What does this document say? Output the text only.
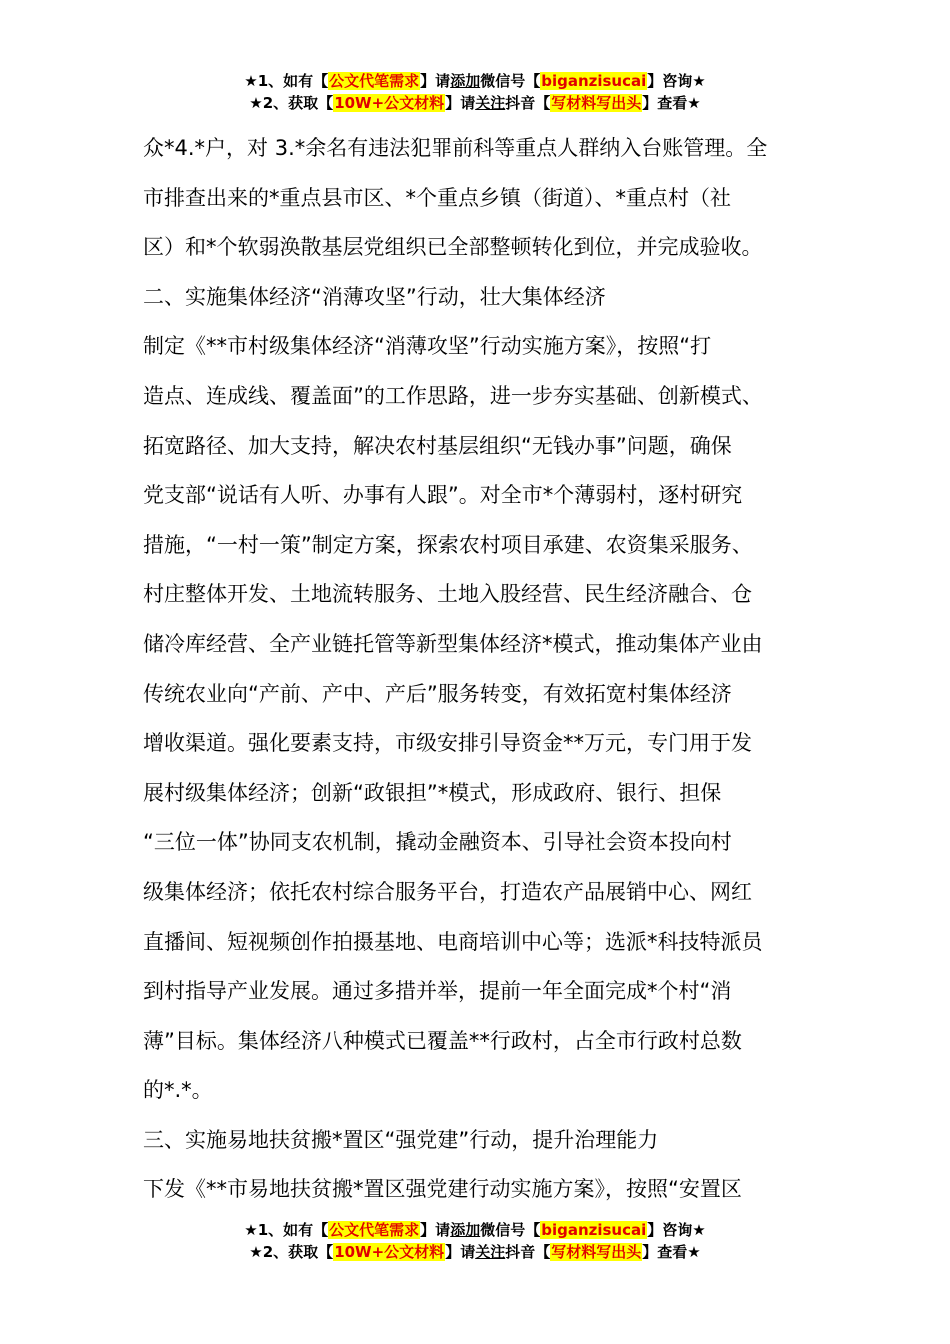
★1、如有【公文代笔需求】请添加微信号【biganzisucai】咨询★
★2、获取【10W+公文材料】请关注抖音【写材料写出头】查看★
众*4.*户，对 3.*余名有违法犯罪前科等重点人群纳入台账管理。全
市排查出来的*重点县市区、*个重点乡镇（街道）、*重点村（社
区）和*个软弱涣散基层党组织已全部整顿转化到位，并完成验收。
二、实施集体经济“消薄攻坚”行动，壮大集体经济
制定《**市村级集体经济“消薄攻坚”行动实施方案》，按照“打
造点、连成线、覆盖面”的工作思路，进一步夯实基础、创新模式、
拓宽路径、加大支持，解决农村基层组织“无钱办事”问题，确保
党支部“说话有人听、办事有人跟”。对全市*个薄弱村，逐村研究
措施，“一村一策”制定方案，探索农村项目承建、农资集采服务、
村庄整体开发、土地流转服务、土地入股经营、民生经济融合、仓
储冷库经营、全产业链托管等新型集体经济*模式，推动集体产业由
传统农业向“产前、产中、产后”服务转变，有效拓宽村集体经济
增收渠道。强化要素支持，市级安排引导资金**万元，专门用于发
展村级集体经济；创新“政银担”*模式，形成政府、银行、担保
“三位一体”协同支农机制，撬动金融资本、引导社会资本投向村
级集体经济；依托农村综合服务平台，打造农产品展销中心、网红
直播间、短视频创作拍摄基地、电商培训中心等；选派*科技特派员
到村指导产业发展。通过多措并举，提前一年全面完成*个村“消
薄”目标。集体经济八种模式已覆盖**行政村，占全市行政村总数
的*.*。
三、实施易地扶贫搬*置区“强党建”行动，提升治理能力
下发《**市易地扶贫搬*置区强党建行动实施方案》，按照“安置区
★1、如有【公文代笔需求】请添加微信号【biganzisucai】咨询★
★2、获取【10W+公文材料】请关注抖音【写材料写出头】查看★
